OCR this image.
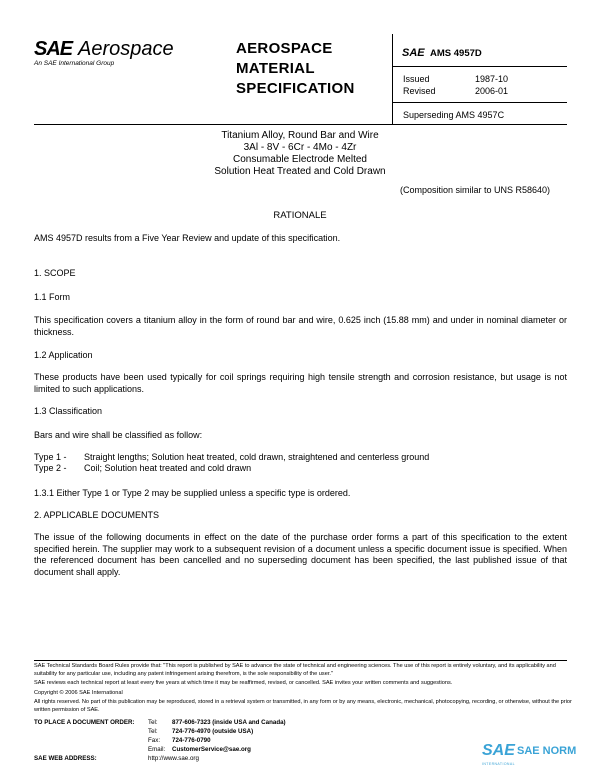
SAE Aerospace
An SAE International Group
AEROSPACE
MATERIAL
SPECIFICATION
SAE AMS 4957D
Issued	1987-10
Revised	2006-01
Superseding AMS 4957C
Titanium Alloy, Round Bar and Wire
3Al - 8V - 6Cr - 4Mo - 4Zr
Consumable Electrode Melted
Solution Heat Treated and Cold Drawn
(Composition similar to UNS R58640)
RATIONALE
AMS 4957D results from a Five Year Review and update of this specification.
1. SCOPE
1.1 Form
This specification covers a titanium alloy in the form of round bar and wire, 0.625 inch (15.88 mm) and under in nominal diameter or thickness.
1.2 Application
These products have been used typically for coil springs requiring high tensile strength and corrosion resistance, but usage is not limited to such applications.
1.3 Classification
Bars and wire shall be classified as follow:
Type 1 - Straight lengths; Solution heat treated, cold drawn, straightened and centerless ground
Type 2 - Coil; Solution heat treated and cold drawn
1.3.1 Either Type 1 or Type 2 may be supplied unless a specific type is ordered.
2. APPLICABLE DOCUMENTS
The issue of the following documents in effect on the date of the purchase order forms a part of this specification to the extent specified herein. The supplier may work to a subsequent revision of a document unless a specific document issue is specified. When the referenced document has been cancelled and no superseding document has been specified, the last published issue of that document shall apply.
SAE Technical Standards Board Rules provide that: "This report is published by SAE to advance the state of technical and engineering sciences. The use of this report is entirely voluntary, and its applicability and suitability for any particular use, including any patent infringement arising therefrom, is the sole responsibility of the user."
SAE reviews each technical report at least every five years at which time it may be reaffirmed, revised, or cancelled. SAE invites your written comments and suggestions.
Copyright © 2006 SAE International
All rights reserved. No part of this publication may be reproduced, stored in a retrieval system or transmitted, in any form or by any means, electronic, mechanical, photocopying, recording, or otherwise, without the prior written permission of SAE.
TO PLACE A DOCUMENT ORDER: Tel: 877-606-7323 (inside USA and Canada)
Tel: 724-776-4970 (outside USA)
Fax: 724-776-0790
Email: CustomerService@sae.org
SAE WEB ADDRESS:	http://www.sae.org	SAE SAE NORM
INTERNATIONAL
